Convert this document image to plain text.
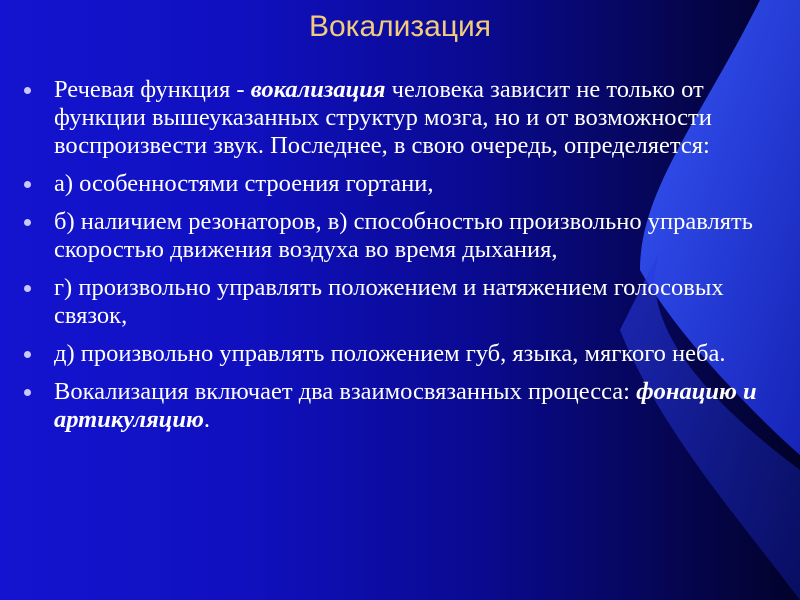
Вокализация
Речевая функция - вокализация человека зависит не только от функции вышеуказанных структур мозга, но и от возможности воспроизвести звук. Последнее, в свою очередь, определяется:
а) особенностями строения гортани,
б) наличием резонаторов, в) способностью произвольно управлять скоростью движения воздуха во время дыхания,
г) произвольно управлять положением и натяжением голосовых связок,
д) произвольно управлять положением губ, языка, мягкого неба.
Вокализация включает два взаимосвязанных процесса: фонацию и артикуляцию.
